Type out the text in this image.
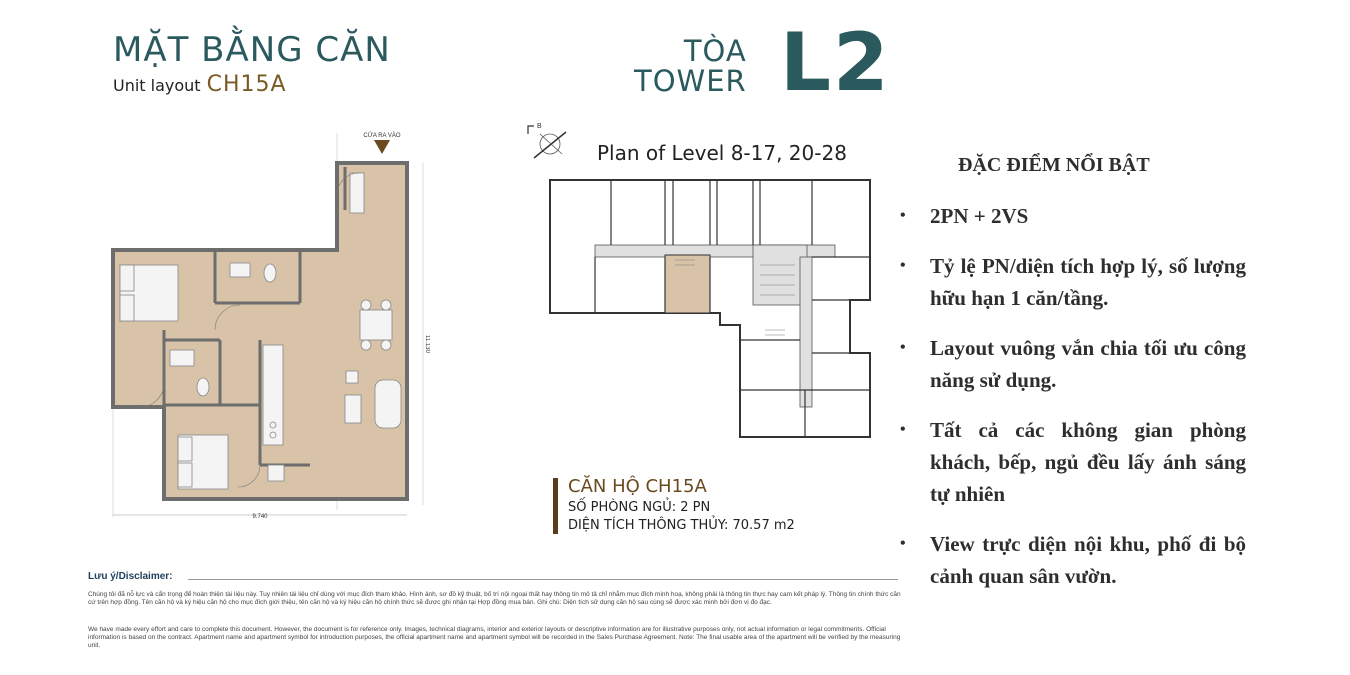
MẶT BẰNG CĂN
Unit layout CH15A
TÒA
TOWER L2
CỬA RA VÀO
9.740
11.130
B
Plan of Level 8-17, 20-28
CĂN HỘ CH15A
SỐ PHÒNG NGỦ: 2 PN
DIỆN TÍCH THÔNG THỦY: 70.57 m2
ĐẶC ĐIỂM NỔI BẬT
• 2PN + 2VS
• Tỷ lệ PN/diện tích hợp lý, số lượng hữu hạn 1 căn/tầng.
• Layout vuông vắn chia tối ưu công năng sử dụng.
• Tất cả các không gian phòng khách, bếp, ngủ đều lấy ánh sáng tự nhiên
• View trực diện nội khu, phố đi bộ cảnh quan sân vườn.
Lưu ý/Disclaimer:
Chúng tôi đã nỗ lực và cẩn trọng để hoàn thiện tài liệu này. Tuy nhiên tài liệu chỉ dùng với mục đích tham khảo. Hình ảnh, sơ đồ kỹ thuật, bố trí nội ngoại thất hay thông tin mô tả chỉ nhằm mục đích minh hoạ, không phải là thông tin thực hay cam kết pháp lý. Thông tin chính thức căn cứ trên hợp đồng. Tên căn hộ và ký hiệu căn hộ cho mục đích giới thiệu, tên căn hộ và ký hiệu căn hộ chính thức sẽ được ghi nhận tại Hợp đồng mua bán. Ghi chú: Diện tích sử dụng căn hộ sau cùng sẽ được xác minh bởi đơn vị đo đạc.
We have made every effort and care to complete this document. However, the document is for reference only. Images, technical diagrams, interior and exterior layouts or descriptive information are for illustrative purposes only, not actual information or legal commitments. Official information is based on the contract. Apartment name and apartment symbol for introduction purposes, the official apartment name and apartment symbol will be recorded in the Sales Purchase Agreement. Note: The final usable area of the apartment will be verified by the measuring unit.
